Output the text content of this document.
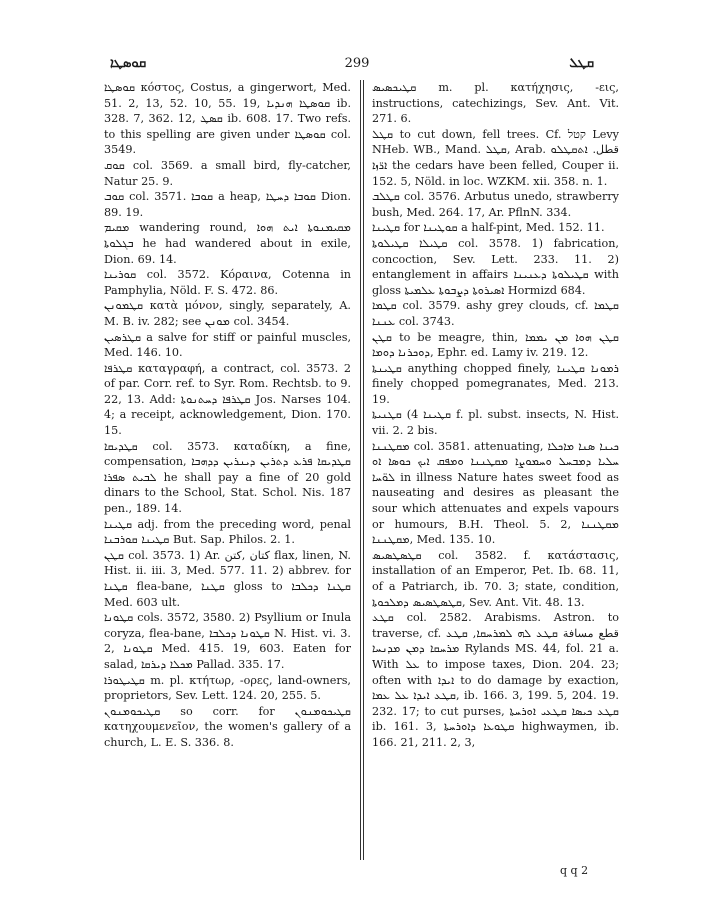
ܩܘܣܛܐ	299	ܩܛܠ

ܩܘܣܛܐ κόστος, Costus, a gingerwort, Med. 51. 2, 13, 52. 10, 55. 19, ܩܘܣܛܐ ܗܢܕܝܐ ib. 328. 7, 362. 12, ܩܣܛ ib. 608. 17. Two refs. to this spelling are given under ܩܘܣܛܐ col. 3549.

ܩܘܩ col. 3569. a small bird, fly-catcher, Natur 25. 9.

ܩܘܒ col. 3571. ܩܘܒܐ a heap, ܩܘܒܐ ܕܚܛܐ Dion. 89. 19.

ܡܩܝܡ wandering round, ܡܩܝܡܢܘܬܐ ܐܝܬ ܗܘܐ ܒܓܠܘܬܐ he had wandered about in exile, Dion. 69. 14.

ܩܘܪܝܢܐ col. 3572. Κόραινα, Cotenna in Pamphylia, Nöld. F. S. 472. 86.

ܩܛܡܘܢܢ κατὰ μόνον, singly, separately, A. M. B. iv. 282; see ܡܘܢܢ col. 3454.

ܩܛܪܣܝܢ a salve for stiff or painful muscles, Med. 146. 10.

ܩܛܪܦܐ καταγραφή, a contract, col. 3573. 2 of par. Corr. ref. to Syr. Rom. Rechtsb. to 9. 22, 13. Add: ܩܛܪܦܐ ܕܚܬܢܘܬܐ Jos. Narses 104. 4; a receipt, acknowledgement, Dion. 170. 15.

ܩܛܕܝܩܐ col. 3573. καταδίκη, a fine, compensation, ܩܛܕܝܩܐ ܦܪܥ ܕܬܪܝܢ ܕܝܢܪܝܢ ܕܕܗܒܐ ܠܒܝܬ ܣܦܪܐ he shall pay a fine of 20 gold dinars to the School, Stat. Schol. Nis. 187 pen., 189. 14.

ܩܛܝܢܐ adj. from the preceding word, penal ܩܛܝܢܐ ܩܘܪܒܢܐ But. Sap. Philos. 2. 1.

ܩܛܢ col. 3573. 1) Ar. كتان ,كتن flax, linen, N. Hist. ii. iii. 3, Med. 577. 11. 2) abbrev. for ܩܛܢܐ flea-bane, ܩܛܢܐ gloss to ܩܛܢܐ ܕܟܠܒܐ Med. 603 ult.

ܩܛܘܢܐ cols. 3572, 3580. 2) Psyllium or Inula coryza, flea-bane, ܩܛܘܢܐ ܕܟܠܒܐ N. Hist. vi. 3. 2, ܩܛܘܢܐ Med. 415. 19, 603. Eaten for salad, ܡܟܠܐ ܕܝܪܩܐ Pallad. 335. 17.

ܩܛܝܛܘܪܐ m. pl. κτήτωρ, -ορες, land-owners, proprietors, Sev. Lett. 124. 20, 255. 5.

ܩܛܝܟܘܡܢܘܢ so corr. for ܩܛܝܟܘܡܢܘܢ κατηχουμενεῖον, the women's gallery of a church, L. E. S. 336. 8.

ܩܛܝܟܣܝܣ m. pl. κατήχησις, -εις, instructions, catechizings, Sev. Ant. Vit. 271. 6.

ܩܛܠ to cut down, fell trees. Cf. קטל Levy NHeb. WB., Mand. ܩܛܠ, Arab. قطل. ܐܬܩܛܠܘ ܐܪ̈ܙܐ the cedars have been felled, Couper ii. 152. 5, Nöld. in loc. WZKM. xii. 358. n. 1.

ܩܛܠܒ col. 3576. Arbutus unedo, strawberry bush, Med. 264. 17, Ar. PflnN. 334.

ܩܛܝܢܐ for ܩܘܛܝܢܐ a half-pint, Med. 152. 11.

ܩܛܝܠܐ ܩܛܝܠܘܬܐ col. 3578. 1) fabrication, concoction, Sev. Lett. 233. 11. 2) entanglement in affairs ܩܛܝܠܘܬܐ ܕܥܢܝܢܐ with gloss ܐܣܝܪܘܬܐ ܕܨܒܘܬܐ ܥܠܡܝܬܐ Hormizd 684.

ܩܛܡܐ col. 3579. ashy grey clouds, cf. ܩܛܡܐ ܥܢܢܐ col. 3743.

ܩܛܢ to be meagre, thin, ܩܛܢ ܗܘܐ ܡܢ ܝܡܡܐ ܕܘܟܪܢܐ ܕܘܡܐ, Ephr. ed. Lamy iv. 219. 12.

ܩܛܝܢܬܐ anything chopped finely, ܪܡܘܢܐ ܩܛܝܢܐ finely chopped pomegranates, Med. 213. 19.

ܩܛܝܢܐ 4) ܩܛܢܝܬܐ f. pl. subst. insects, N. Hist. vii. 2. 2 bis.

ܡܩܛܢܢܐ col. 3581. attenuating, ܟܝܢܐ ܣܢܐ ܡܐܟܠܐ ܚܠܝܐ ܕܡܒܚܠ ܘܚܡܘܨܐ ܡܩܛܢܢܐ ܘܡܦܩ ܐܝܟ ܟܘܣܐ ܐܘ ܠܘ̈ܚܐ in illness Nature hates sweet food as nauseating and desires as pleasant the sour which attenuates and expels vapours or humours, B.H. Theol. 5. 2, ܡܩܛܢܢܐ ܡܩܛܢܢܐ, Med. 135. 10.

ܩܛܣܛܣܝܣ col. 3582. f. κατάστασις, installation of an Emperor, Pet. Ib. 68. 11, of a Patriarch, ib. 70. 3; state, condition, ܩܛܣܛܣܝܣ ܕܡܠܟܘܬܐ, Sev. Ant. Vit. 48. 13.

ܩܛܥ col. 2582. Arabisms. Astron. to traverse, cf. قطع مسافة ܩܛܥ ܠܗ ܠܡܪܚܩܐ, ܩܛܥ ܡܪܚܩܐ ܕܡܢ ܡܕܢܚܐ Rylands MS. 44, fol. 21 a. With ܥܠ to impose taxes, Dion. 204. 23; often with ܐܝܕܐ to do damage by exaction, ܩܛܥ ܐܝܕܐ ܥܠ ܥܡܐ, ib. 166. 3, 199. 5, 204. 19. 232. 17; to cut purses, ܩܛܥ ܟܝܣܐ ܩܛܥܝ ܐܘܪܚܬܐ ib. 161. 3, ܩܛܘܥܐ ܕܐܘܪܚܬܐ highwaymen, ib. 166. 21, 211. 2, 3,

q q 2
